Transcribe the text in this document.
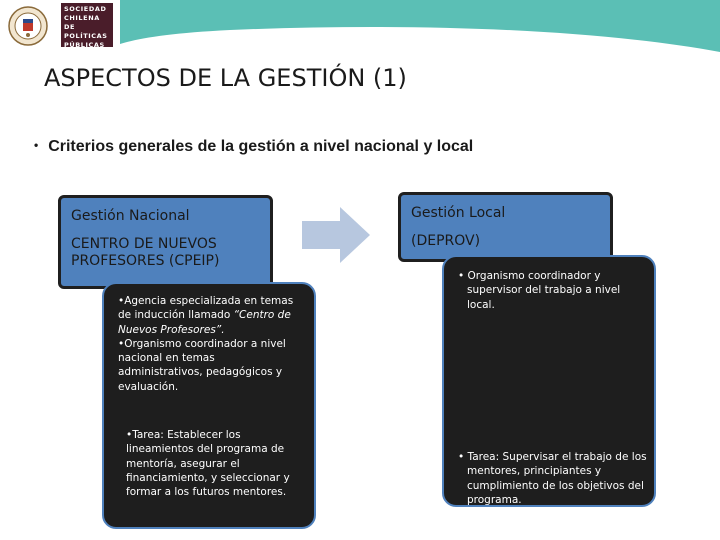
SOCIEDAD
CHILENA DE
POLÍTICAS
PÚBLICAS
ASPECTOS DE LA GESTIÓN (1)
• Criterios generales de la gestión a nivel nacional y local
Gestión Nacional
CENTRO DE NUEVOS PROFESORES (CPEIP)
Gestión Local
(DEPROV)

•Agencia especializada en temas de inducción llamado “Centro de Nuevos Profesores”.

•Organismo coordinador a nivel nacional en temas administrativos, pedagógicos y evaluación.

•Tarea: Establecer los lineamientos del programa de mentoría, asegurar el financiamiento, y seleccionar y formar a los futuros mentores.

• Organismo coordinador y supervisor del trabajo a nivel local.

• Tarea: Supervisar el trabajo de los mentores, principiantes y cumplimiento de los objetivos del programa.
